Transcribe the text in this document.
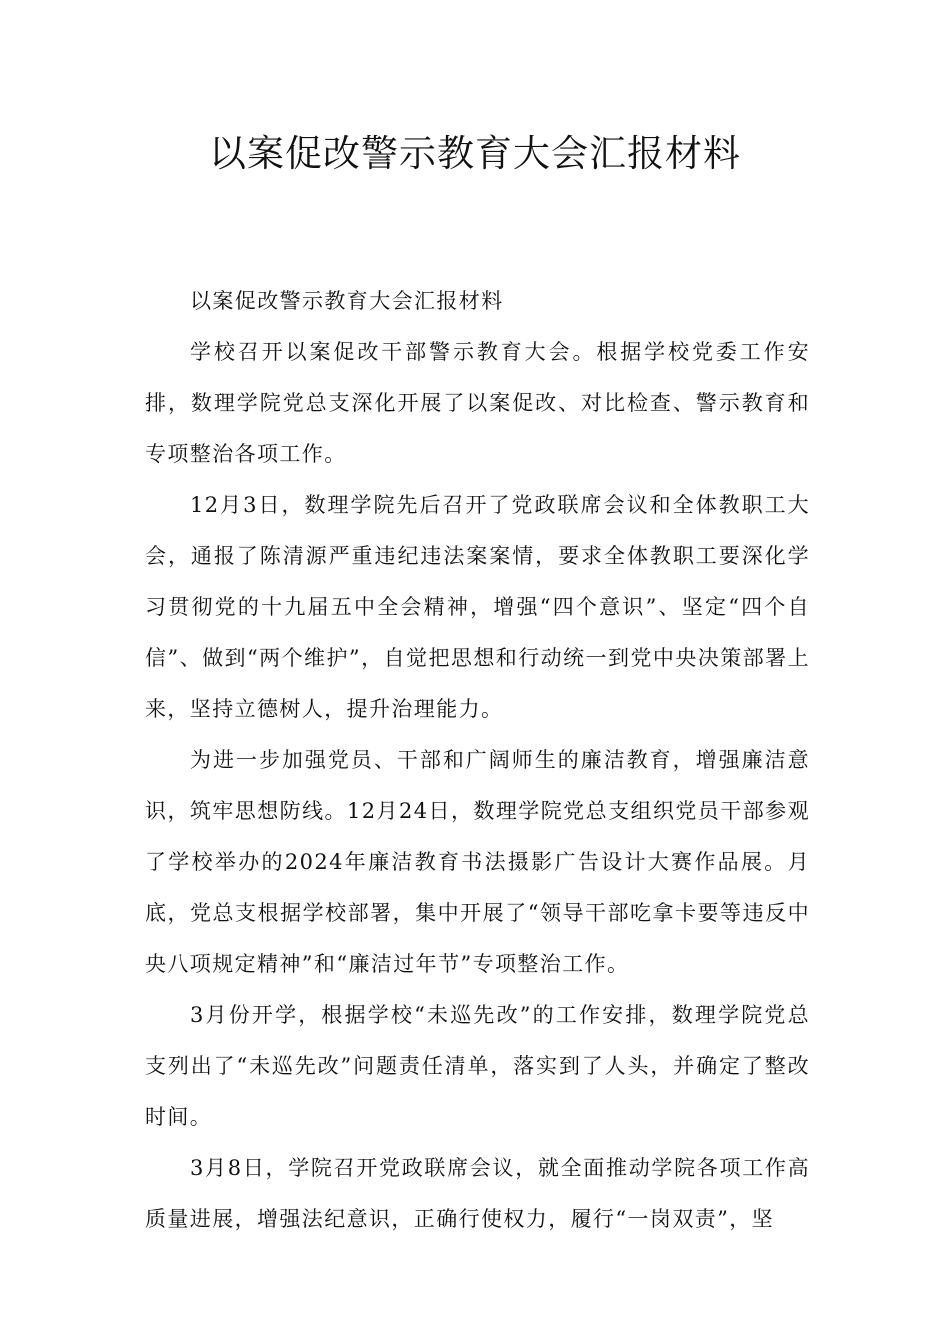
以案促改警示教育大会汇报材料

以案促改警示教育大会汇报材料

学校召开以案促改干部警示教育大会。根据学校党委工作安排，数理学院党总支深化开展了以案促改、对比检查、警示教育和专项整治各项工作。

12月3日，数理学院先后召开了党政联席会议和全体教职工大会，通报了陈清源严重违纪违法案案情，要求全体教职工要深化学习贯彻党的十九届五中全会精神，增强“四个意识”、坚定“四个自信”、做到“两个维护”，自觉把思想和行动统一到党中央决策部署上来，坚持立德树人，提升治理能力。

为进一步加强党员、干部和广阔师生的廉洁教育，增强廉洁意识，筑牢思想防线。12月24日，数理学院党总支组织党员干部参观了学校举办的2024年廉洁教育书法摄影广告设计大赛作品展。月底，党总支根据学校部署，集中开展了“领导干部吃拿卡要等违反中央八项规定精神”和“廉洁过年节”专项整治工作。

3月份开学，根据学校“未巡先改”的工作安排，数理学院党总支列出了“未巡先改”问题责任清单，落实到了人头，并确定了整改时间。

3月8日，学院召开党政联席会议，就全面推动学院各项工作高质量进展，增强法纪意识，正确行使权力，履行“一岗双责”，坚
